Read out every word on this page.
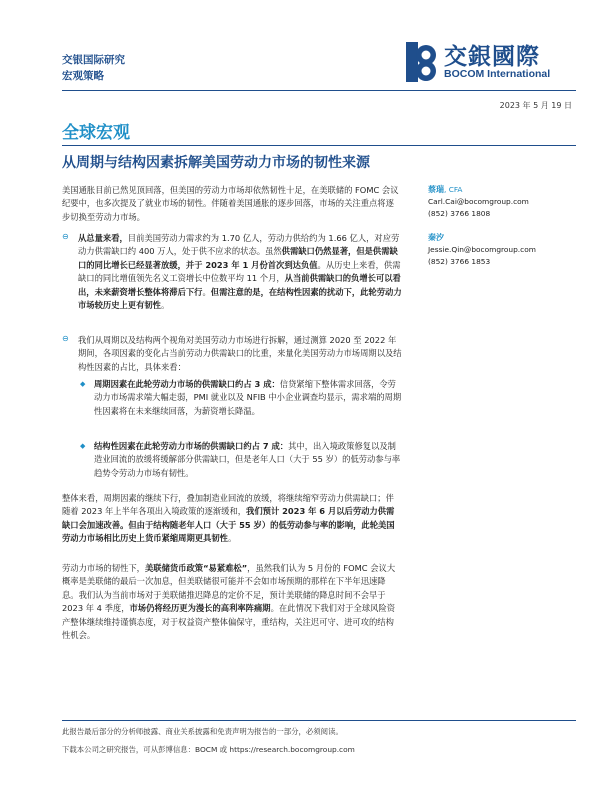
交银国际研究
宏观策略
交銀國際
BOCOM International
2023 年 5 月 19 日
全球宏观
从周期与结构因素拆解美国劳动力市场的韧性来源

美国通胀目前已然见顶回落，但美国的劳动力市场却依然韧性十足，在美联储的 FOMC 会议纪要中，也多次提及了就业市场的韧性。伴随着美国通胀的逐步回落，市场的关注重点将逐步切换至劳动力市场。

⊖ 从总量来看，目前美国劳动力需求约为 1.70 亿人，劳动力供给约为 1.66 亿人，对应劳动力供需缺口约 400 万人，处于供不应求的状态。虽然供需缺口仍然显著，但是供需缺口的同比增长已经显著放缓，并于 2023 年 1 月份首次到达负值。从历史上来看，供需缺口的同比增值领先名义工资增长中位数平均 11 个月，从当前供需缺口的负增长可以看出，未来薪资增长整体将滞后下行。但需注意的是，在结构性因素的扰动下，此轮劳动力市场较历史上更有韧性。

⊖ 我们从周期以及结构两个视角对美国劳动力市场进行拆解，通过测算 2020 至 2022 年期间，各项因素的变化占当前劳动力供需缺口的比重，来量化美国劳动力市场周期以及结构性因素的占比，具体来看：

◆ 周期因素在此轮劳动力市场的供需缺口约占 3 成：信贷紧缩下整体需求回落，令劳动力市场需求端大幅走弱，PMI 就业以及 NFIB 中小企业调查均显示，需求端的周期性因素将在未来继续回落，为薪资增长降温。

◆ 结构性因素在此轮劳动力市场的供需缺口约占 7 成：其中，出入境政策修复以及制造业回流的放缓将缓解部分供需缺口，但是老年人口（大于 55 岁）的低劳动参与率趋势令劳动力市场有韧性。

整体来看，周期因素的继续下行，叠加制造业回流的放缓，将继续缩窄劳动力供需缺口；伴随着 2023 年上半年各项出入境政策的逐渐缓和，我们预计 2023 年 6 月以后劳动力供需缺口会加速改善。但由于结构随老年人口（大于 55 岁）的低劳动参与率的影响，此轮美国劳动力市场相比历史上货币紧缩周期更具韧性。

劳动力市场的韧性下，美联储货币政策“易紧难松”，虽然我们认为 5 月份的 FOMC 会议大概率是美联储的最后一次加息，但美联储很可能并不会如市场预期的那样在下半年迅速降息。我们认为当前市场对于美联储推迟降息的定价不足，预计美联储的降息时间不会早于 2023 年 4 季度，市场仍将经历更为漫长的高利率阵痛期。在此情况下我们对于全球风险资产整体继续维持谨慎态度，对于权益资产整体偏保守，重结构，关注迟可守、进可攻的结构性机会。

蔡瑞, CFA
Carl.Cai@bocomgroup.com
(852) 3766 1808
秦汐
Jessie.Qin@bocomgroup.com
(852) 3766 1853
此报告最后部分的分析师披露、商业关系披露和免责声明为报告的一部分，必须阅读。
下载本公司之研究报告，可从彭博信息：BOCM 或 https://research.bocomgroup.com
